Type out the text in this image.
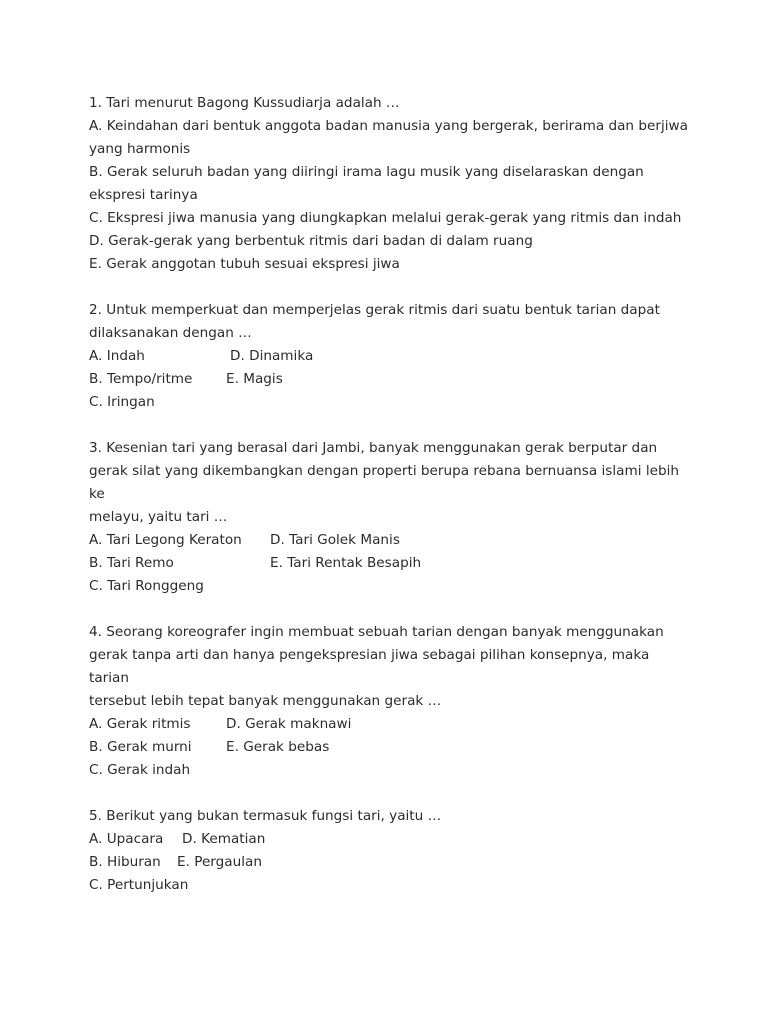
1. Tari menurut Bagong Kussudiarja adalah …
A. Keindahan dari bentuk anggota badan manusia yang bergerak, berirama dan berjiwa
yang harmonis
B. Gerak seluruh badan yang diiringi irama lagu musik yang diselaraskan dengan
ekspresi tarinya
C. Ekspresi jiwa manusia yang diungkapkan melalui gerak-gerak yang ritmis dan indah
D. Gerak-gerak yang berbentuk ritmis dari badan di dalam ruang
E. Gerak anggotan tubuh sesuai ekspresi jiwa
2. Untuk memperkuat dan memperjelas gerak ritmis dari suatu bentuk tarian dapat
dilaksanakan dengan …
A. Indah	D. Dinamika
B. Tempo/ritme E. Magis
C. Iringan
3. Kesenian tari yang berasal dari Jambi, banyak menggunakan gerak berputar dan
gerak silat yang dikembangkan dengan properti berupa rebana bernuansa islami lebih ke
melayu, yaitu tari …
A. Tari Legong Keraton D. Tari Golek Manis
B. Tari Remo	E. Tari Rentak Besapih
C. Tari Ronggeng
4. Seorang koreografer ingin membuat sebuah tarian dengan banyak menggunakan
gerak tanpa arti dan hanya pengekspresian jiwa sebagai pilihan konsepnya, maka tarian
tersebut lebih tepat banyak menggunakan gerak …
A. Gerak ritmis	D. Gerak maknawi
B. Gerak murni	E. Gerak bebas
C. Gerak indah
5. Berikut yang bukan termasuk fungsi tari, yaitu …
A. Upacara D. Kematian
B. Hiburan E. Pergaulan
C. Pertunjukan
